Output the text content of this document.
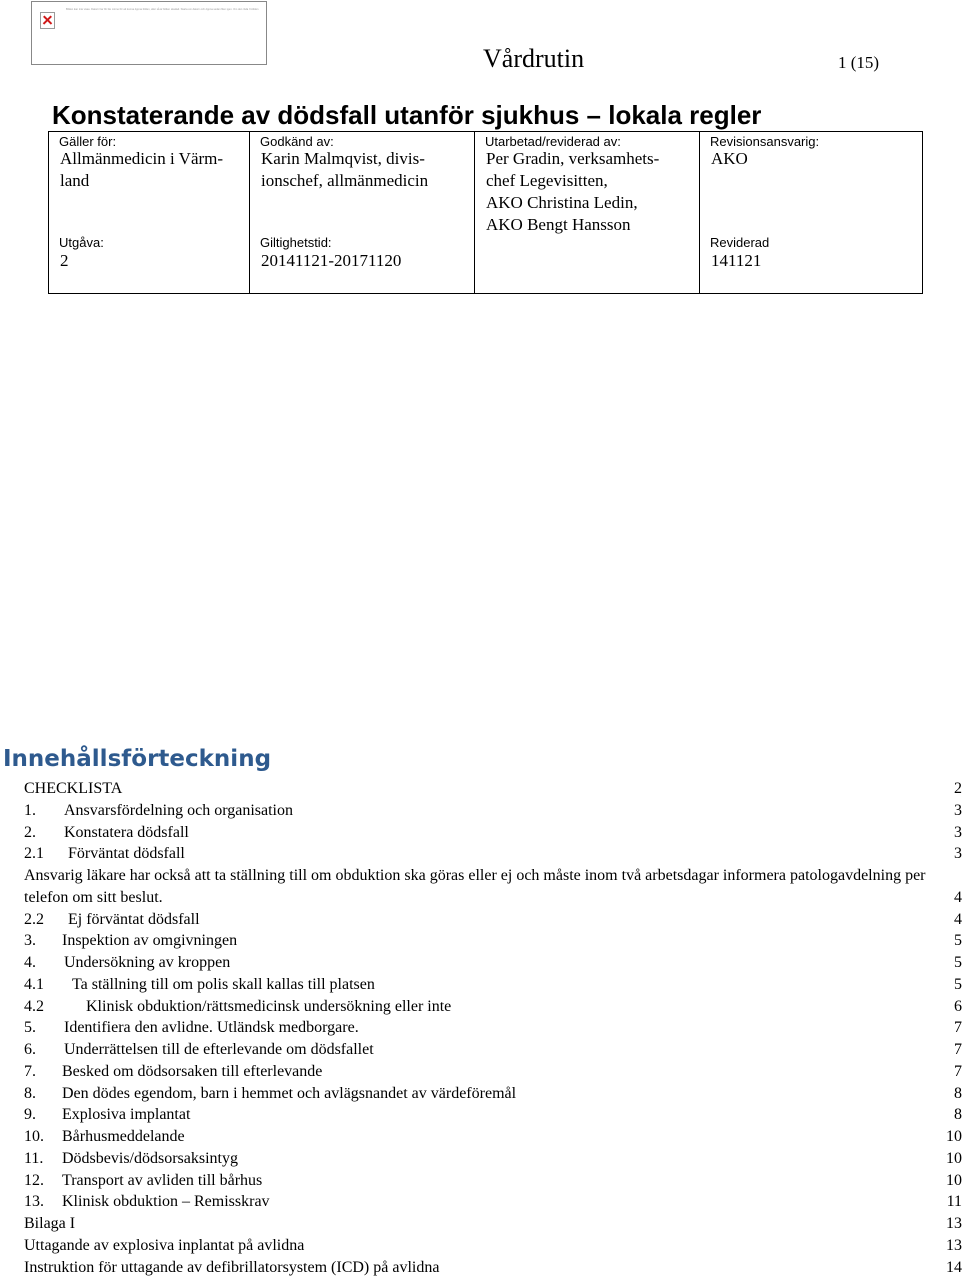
Bilden kan inte visas. Datorn har för lite minne för att kunna öppna bilden, eller så är bilden skadad. Starta om datorn och öppna sedan filen igen. Om den röda X-bilden
Vårdrutin	1 (15)
Konstaterande av dödsfall utanför sjukhus – lokala regler
Gäller för:
Allmänmedicin i Värm-
land
Utgåva:
2
Godkänd av:
Karin Malmqvist, divis-
ionschef, allmänmedicin
Giltighetstid:
20141121-20171120
Utarbetad/reviderad av:
Per Gradin, verksamhets-
chef Legevisitten,
AKO Christina Ledin,
AKO Bengt Hansson
Revisionsansvarig:
AKO
Reviderad
141121
Innehållsförteckning
CHECKLISTA	2
1. Ansvarsfördelning och organisation	3
2. Konstatera dödsfall	3
2.1 Förväntat dödsfall	3
Ansvarig läkare har också att ta ställning till om obduktion ska göras eller ej och måste inom två arbetsdagar informera patologavdelning per telefon om sitt beslut.	4
2.2 Ej förväntat dödsfall	4
3. Inspektion av omgivningen	5
4. Undersökning av kroppen	5
4.1 Ta ställning till om polis skall kallas till platsen	5
4.2	Klinisk obduktion/rättsmedicinsk undersökning eller inte	6
5. Identifiera den avlidne. Utländsk medborgare.	7
6. Underrättelsen till de efterlevande om dödsfallet	7
7. Besked om dödsorsaken till efterlevande	7
8. Den dödes egendom, barn i hemmet och avlägsnandet av värdeföremål	8
9. Explosiva implantat	8
10. Bårhusmeddelande	10
11. Dödsbevis/dödsorsaksintyg	10
12. Transport av avliden till bårhus	10
13. Klinisk obduktion – Remisskrav	11
Bilaga I	13
Uttagande av explosiva inplantat på avlidna	13
Instruktion för uttagande av defibrillatorsystem (ICD) på avlidna	14
